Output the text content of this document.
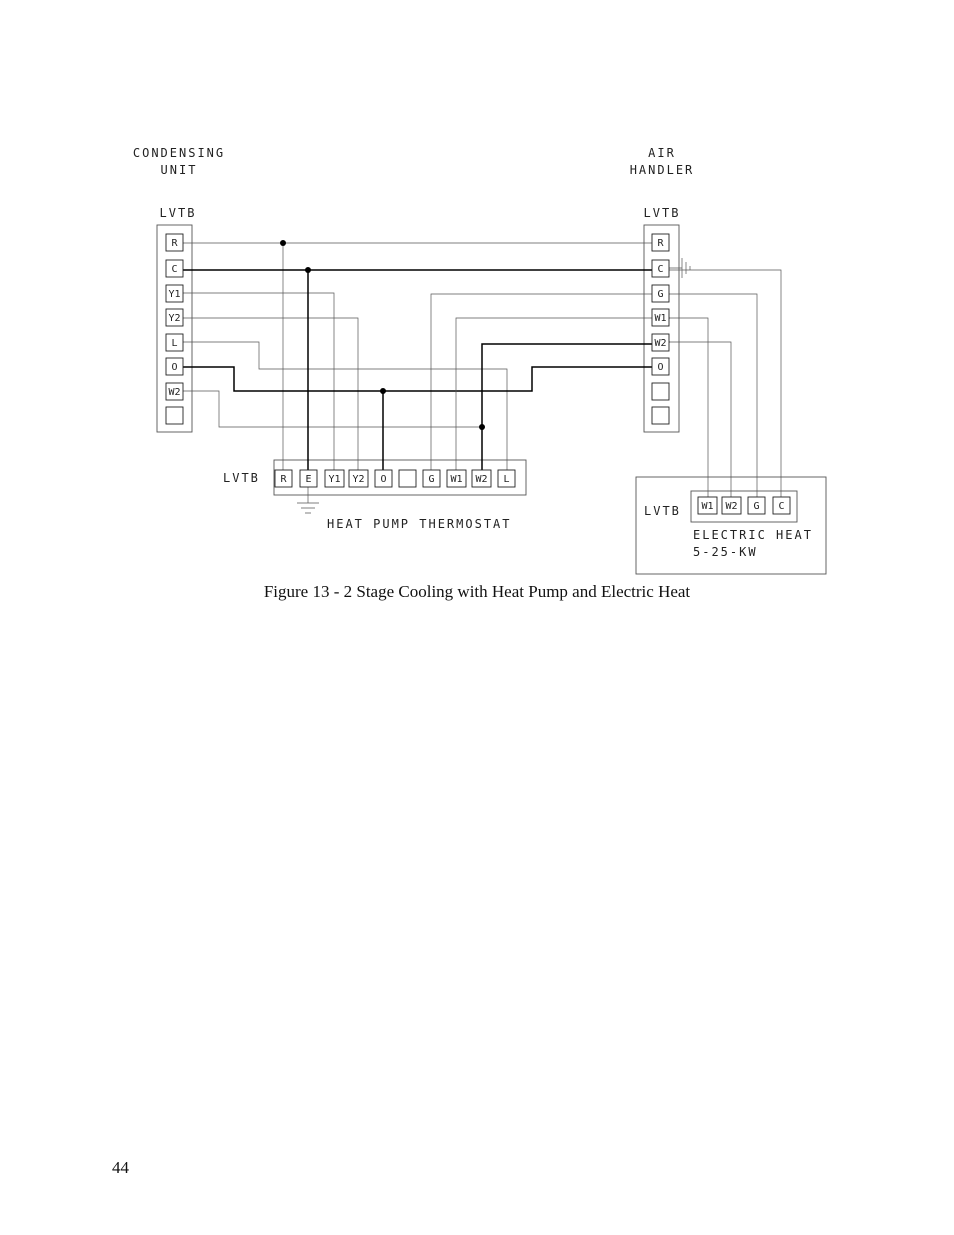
CONDENSING
UNIT
AIR
HANDLER
LVTB	LVTB
LVTB
LVTB
R
C
Y1
Y2
L
O
W2
R
C
G
W1
W2
O
R E Y1 Y2 O	G W1 W2 L
W1 W2 G C
HEAT PUMP THERMOSTAT
ELECTRIC HEAT
5-25-KW
Figure 13 - 2 Stage Cooling with Heat Pump and Electric Heat
44
